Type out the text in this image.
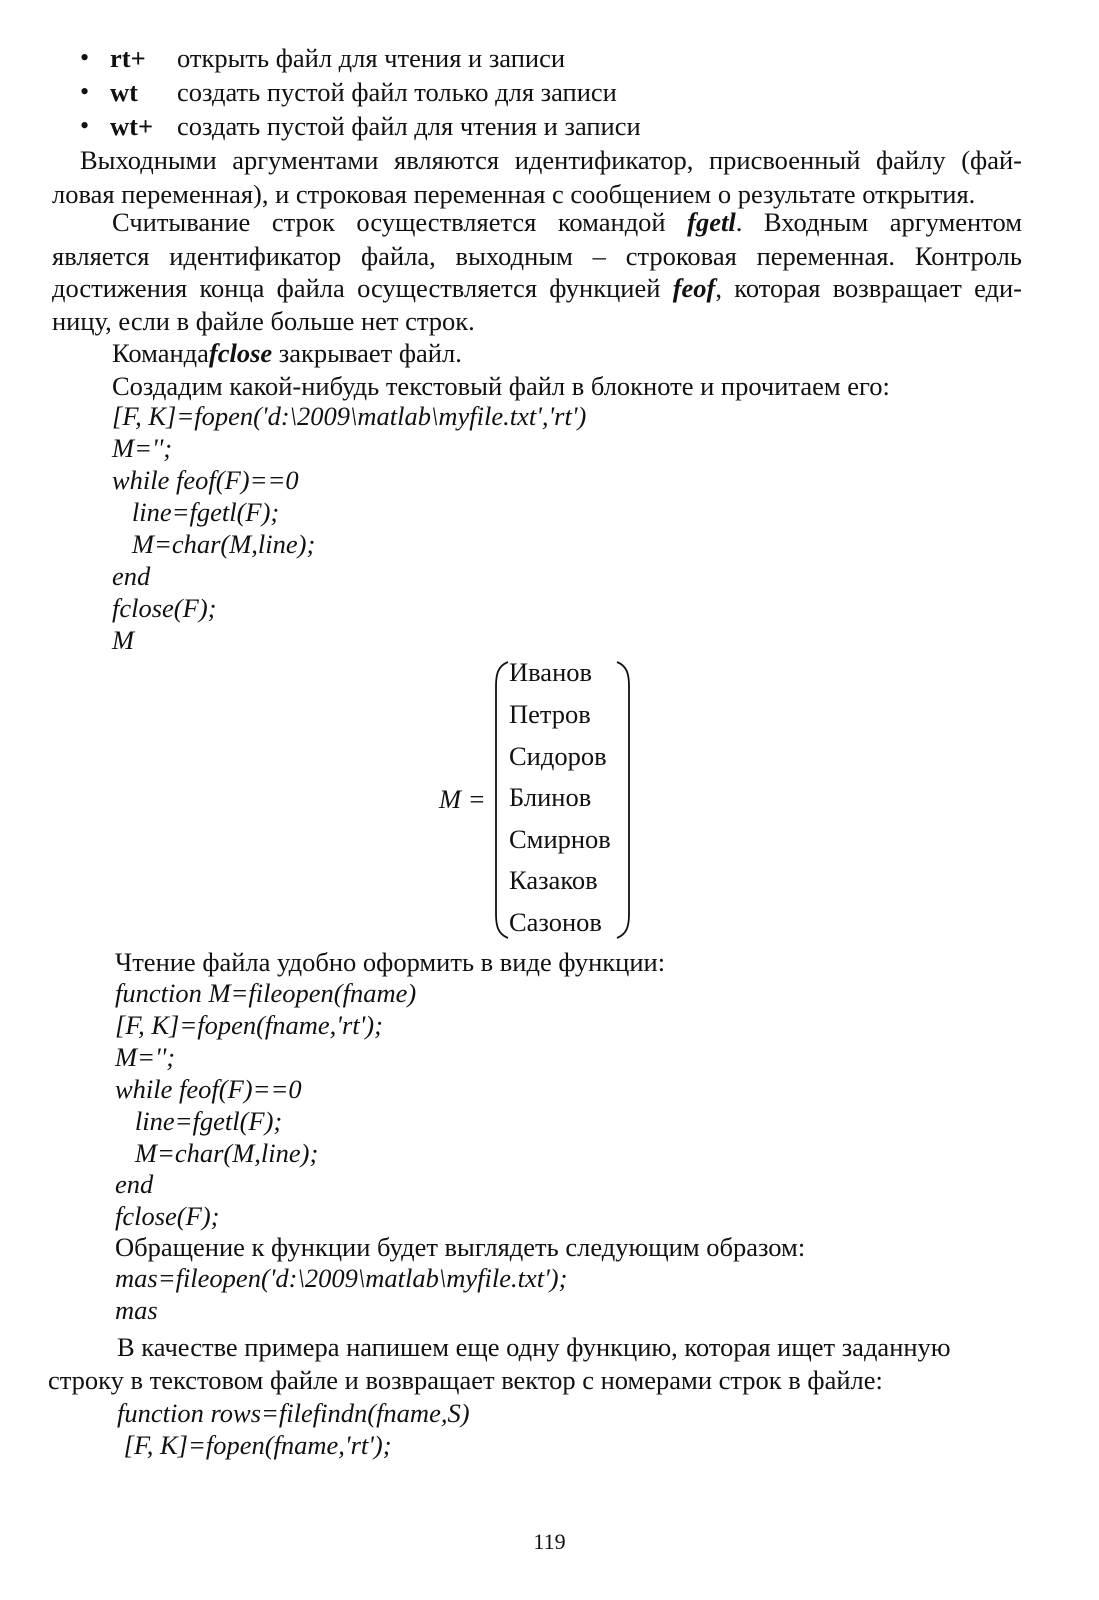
• rt+ открыть файл для чтения и записи
• wt создать пустой файл только для записи
• wt+ создать пустой файл для чтения и записи
Выходными аргументами являются идентификатор, присвоенный файлу (фай-
ловая переменная), и строковая переменная с сообщением о результате открытия.
Считывание строк осуществляется командой fgetl. Входным аргументом
является идентификатор файла, выходным – строковая переменная. Контроль
достижения конца файла осуществляется функцией feof, которая возвращает еди-
ницу, если в файле больше нет строк.
Командаfclose закрывает файл.
Создадим какой-нибудь текстовый файл в блокноте и прочитаем его:
[F, K]=fopen('d:\2009\matlab\myfile.txt','rt')
M='';
while feof(F)==0
line=fgetl(F);
M=char(M,line);
end
fclose(F);
M
M =
Иванов
Петров
Сидоров
Блинов
Смирнов
Казаков
Сазонов
Чтение файла удобно оформить в виде функции:
function M=fileopen(fname)
[F, K]=fopen(fname,'rt');
M='';
while feof(F)==0
line=fgetl(F);
M=char(M,line);
end
fclose(F);
Обращение к функции будет выглядеть следующим образом:
mas=fileopen('d:\2009\matlab\myfile.txt');
mas
В качестве примера напишем еще одну функцию, которая ищет заданную
строку в текстовом файле и возвращает вектор с номерами строк в файле:
function rows=filefindn(fname,S)
[F, K]=fopen(fname,'rt');
119
